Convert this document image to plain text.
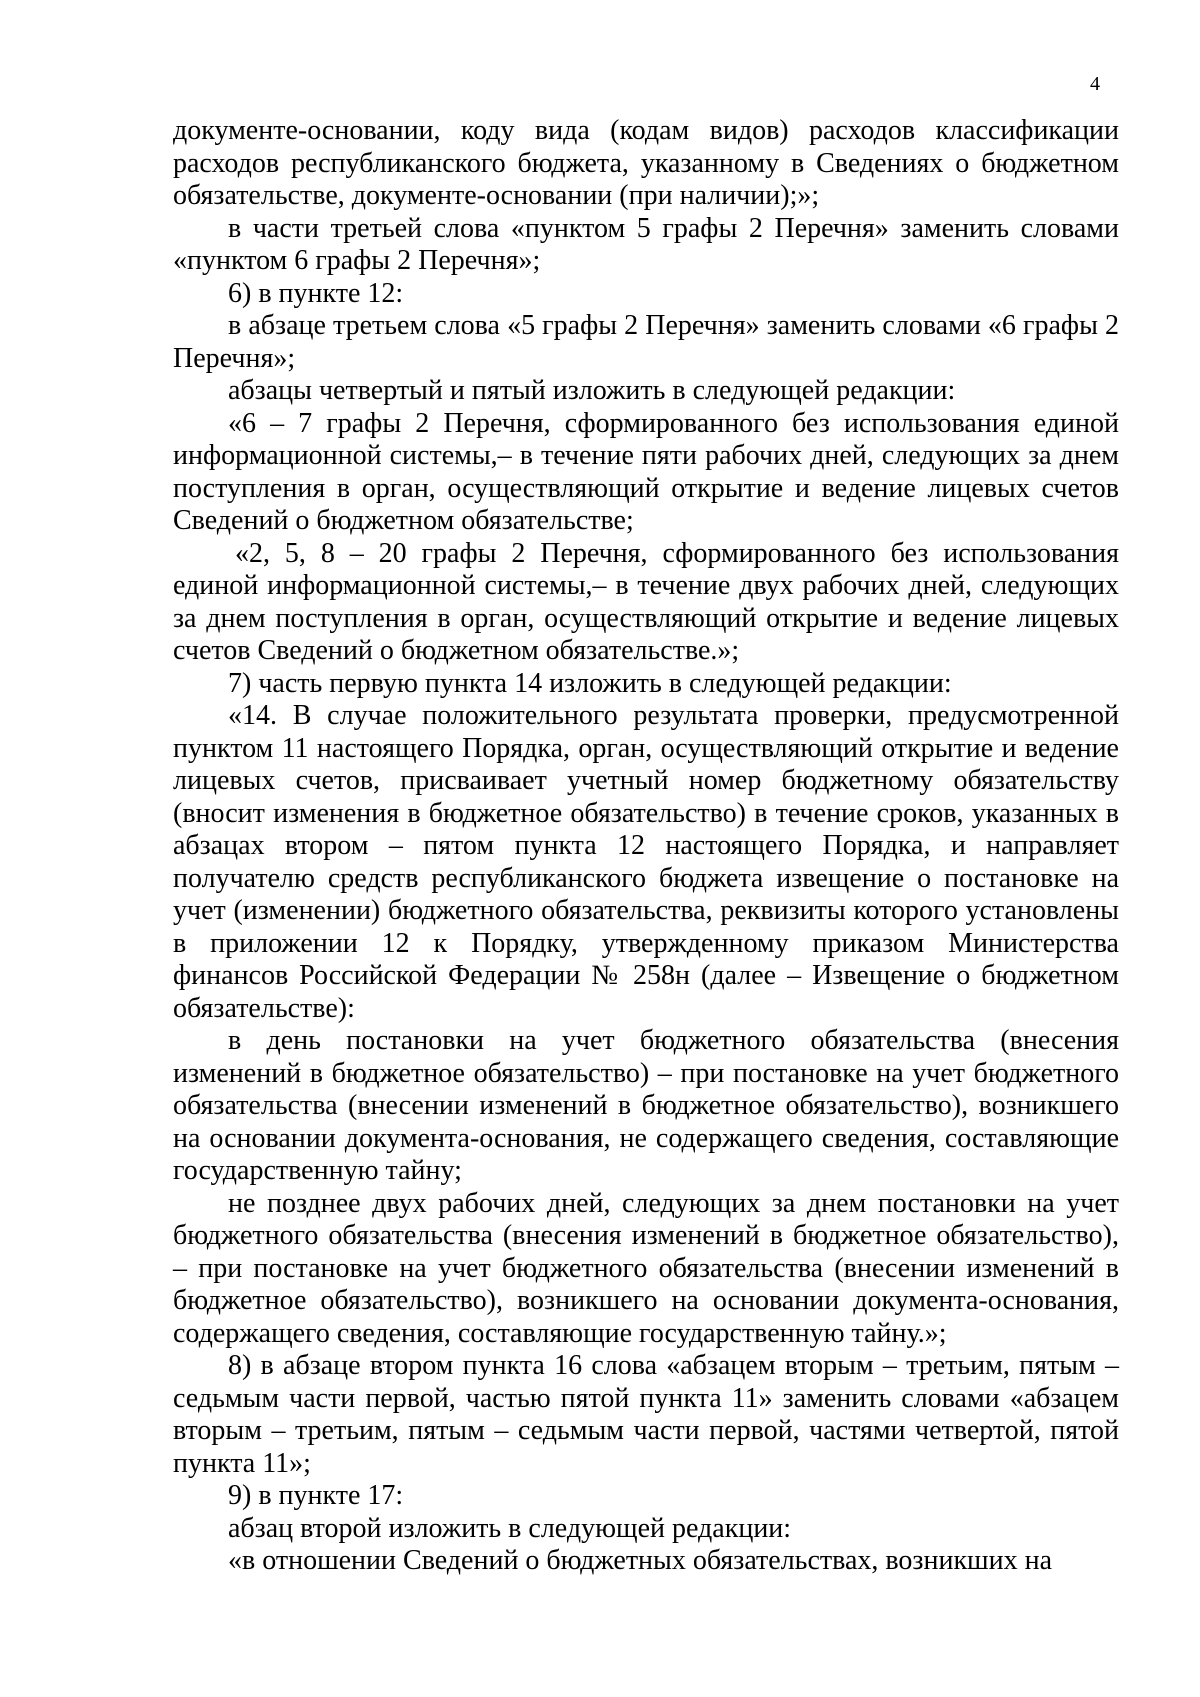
4

документе-основании, коду вида (кодам видов) расходов классификации расходов республиканского бюджета, указанному в Сведениях о бюджетном обязательстве, документе-основании (при наличии);»;

в части третьей слова «пунктом 5 графы 2 Перечня» заменить словами «пунктом 6 графы 2 Перечня»;

6) в пункте 12:

в абзаце третьем слова «5 графы 2 Перечня» заменить словами «6 графы 2 Перечня»;

абзацы четвертый и пятый изложить в следующей редакции:

«6 – 7 графы 2 Перечня, сформированного без использования единой информационной системы,– в течение пяти рабочих дней, следующих за днем поступления в орган, осуществляющий открытие и ведение лицевых счетов Сведений о бюджетном обязательстве;

«2, 5, 8 – 20 графы 2 Перечня, сформированного без использования единой информационной системы,– в течение двух рабочих дней, следующих за днем поступления в орган, осуществляющий открытие и ведение лицевых счетов Сведений о бюджетном обязательстве.»;

7) часть первую пункта 14 изложить в следующей редакции:

«14. В случае положительного результата проверки, предусмотренной пунктом 11 настоящего Порядка, орган, осуществляющий открытие и ведение лицевых счетов, присваивает учетный номер бюджетному обязательству (вносит изменения в бюджетное обязательство) в течение сроков, указанных в абзацах втором – пятом пункта 12 настоящего Порядка, и направляет получателю средств республиканского бюджета извещение о постановке на учет (изменении) бюджетного обязательства, реквизиты которого установлены в приложении 12 к Порядку, утвержденному приказом Министерства финансов Российской Федерации № 258н (далее – Извещение о бюджетном обязательстве):

в день постановки на учет бюджетного обязательства (внесения изменений в бюджетное обязательство) – при постановке на учет бюджетного обязательства (внесении изменений в бюджетное обязательство), возникшего на основании документа-основания, не содержащего сведения, составляющие государственную тайну;

не позднее двух рабочих дней, следующих за днем постановки на учет бюджетного обязательства (внесения изменений в бюджетное обязательство), – при постановке на учет бюджетного обязательства (внесении изменений в бюджетное обязательство), возникшего на основании документа-основания, содержащего сведения, составляющие государственную тайну.»;

8) в абзаце втором пункта 16 слова «абзацем вторым – третьим, пятым – седьмым части первой, частью пятой пункта 11» заменить словами «абзацем вторым – третьим, пятым – седьмым части первой, частями четвертой, пятой пункта 11»;

9) в пункте 17:

абзац второй изложить в следующей редакции:

«в отношении Сведений о бюджетных обязательствах, возникших на
